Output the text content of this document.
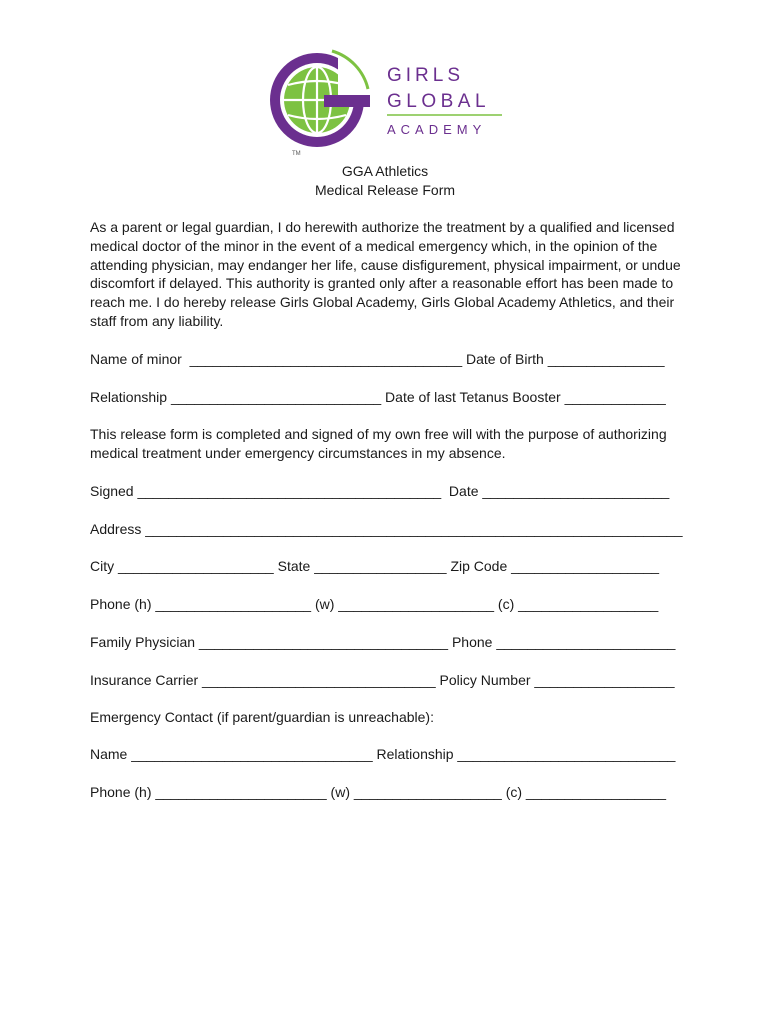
TM
GIRLS
GLOBAL
ACADEMY
GGA Athletics
Medical Release Form
As a parent or legal guardian, I do herewith authorize the treatment by a qualified and licensed medical doctor of the minor in the event of a medical emergency which, in the opinion of the attending physician, may endanger her life, cause disfigurement, physical impairment, or undue discomfort if delayed. This authority is granted only after a reasonable effort has been made to reach me. I do hereby release Girls Global Academy, Girls Global Academy Athletics, and their staff from any liability.
Name of minor  ___________________________________ Date of Birth _______________
Relationship ___________________________ Date of last Tetanus Booster _____________
This release form is completed and signed of my own free will with the purpose of authorizing medical treatment under emergency circumstances in my absence.
Signed _______________________________________  Date ________________________
Address _____________________________________________________________________
City ____________________ State _________________ Zip Code ___________________
Phone (h) ____________________ (w) ____________________ (c) __________________
Family Physician ________________________________ Phone _______________________
Insurance Carrier ______________________________ Policy Number __________________
Emergency Contact (if parent/guardian is unreachable):
Name _______________________________ Relationship ____________________________
Phone (h) ______________________ (w) ___________________ (c) __________________
